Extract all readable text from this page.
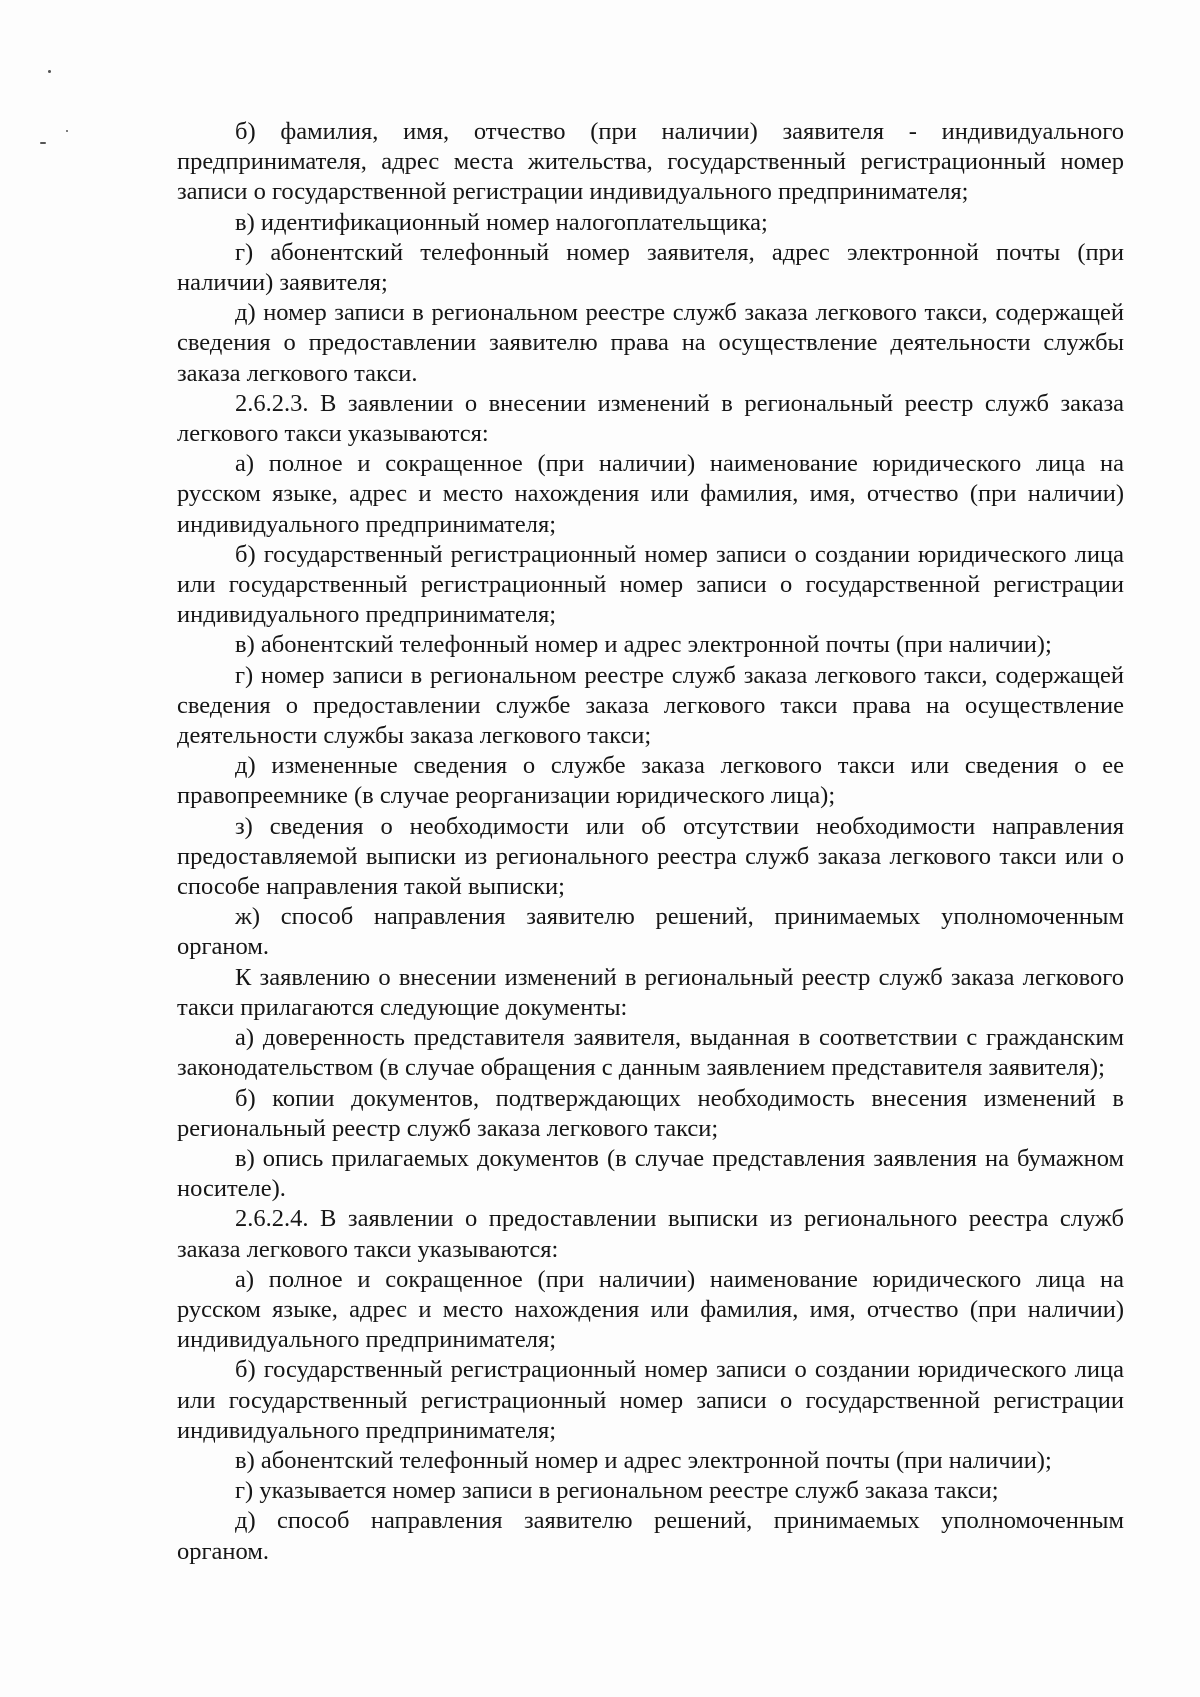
б) фамилия, имя, отчество (при наличии) заявителя - индивидуального предпринимателя, адрес места жительства, государственный регистрационный номер записи о государственной регистрации индивидуального предпринимателя;

в) идентификационный номер налогоплательщика;

г) абонентский телефонный номер заявителя, адрес электронной почты (при наличии) заявителя;

д) номер записи в региональном реестре служб заказа легкового такси, содержащей сведения о предоставлении заявителю права на осуществление деятельности службы заказа легкового такси.

2.6.2.3. В заявлении о внесении изменений в региональный реестр служб заказа легкового такси указываются:

а) полное и сокращенное (при наличии) наименование юридического лица на русском языке, адрес и место нахождения или фамилия, имя, отчество (при наличии) индивидуального предпринимателя;

б) государственный регистрационный номер записи о создании юридического лица или государственный регистрационный номер записи о государственной регистрации индивидуального предпринимателя;

в) абонентский телефонный номер и адрес электронной почты (при наличии);

г) номер записи в региональном реестре служб заказа легкового такси, содержащей сведения о предоставлении службе заказа легкового такси права на осуществление деятельности службы заказа легкового такси;

д) измененные сведения о службе заказа легкового такси или сведения о ее правопреемнике (в случае реорганизации юридического лица);

з) сведения о необходимости или об отсутствии необходимости направления предоставляемой выписки из регионального реестра служб заказа легкового такси или о способе направления такой выписки;

ж) способ направления заявителю решений, принимаемых уполномоченным органом.

К заявлению о внесении изменений в региональный реестр служб заказа легкового такси прилагаются следующие документы:

а) доверенность представителя заявителя, выданная в соответствии с гражданским законодательством (в случае обращения с данным заявлением представителя заявителя);

б) копии документов, подтверждающих необходимость внесения изменений в региональный реестр служб заказа легкового такси;

в) опись прилагаемых документов (в случае представления заявления на бумажном носителе).

2.6.2.4. В заявлении о предоставлении выписки из регионального реестра служб заказа легкового такси указываются:

а) полное и сокращенное (при наличии) наименование юридического лица на русском языке, адрес и место нахождения или фамилия, имя, отчество (при наличии) индивидуального предпринимателя;

б) государственный регистрационный номер записи о создании юридического лица или государственный регистрационный номер записи о государственной регистрации индивидуального предпринимателя;

в) абонентский телефонный номер и адрес электронной почты (при наличии);

г) указывается номер записи в региональном реестре служб заказа такси;

д) способ направления заявителю решений, принимаемых уполномоченным органом.
